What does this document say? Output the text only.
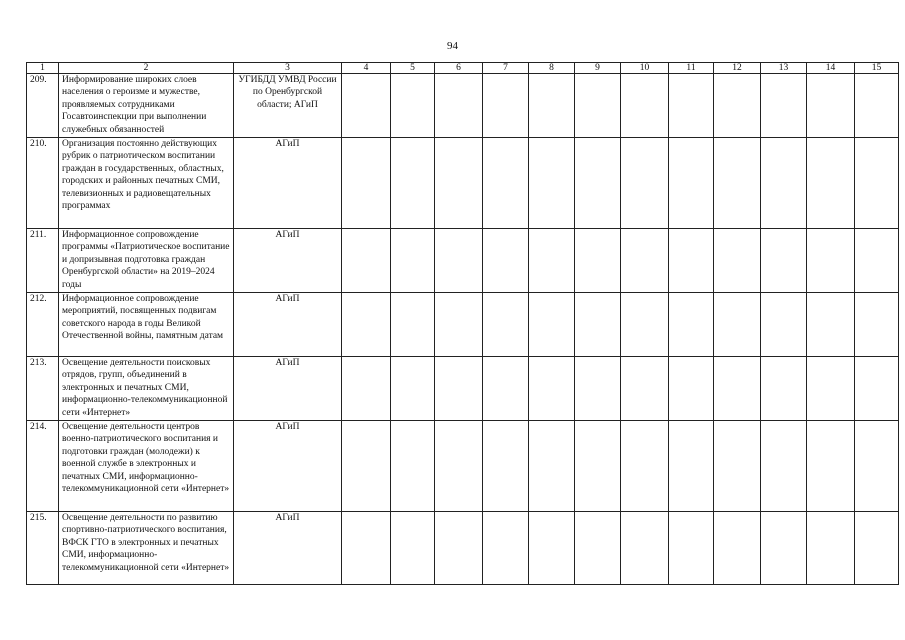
94
1	2	3	4	5	6	7	8	9	10	11	12	13	14	15
209.	Информирование широких слоев населения о героизме и мужестве, проявляемых сотрудниками Госавтоинспекции при выполнении служебных обязанностей	УГИБДД УМВД России по Оренбургской области; АГиП												
210.	Организация постоянно действующих рубрик о патриотическом воспитании граждан в государственных, областных, городских и районных печатных СМИ, телевизионных и радиовещательных программах	АГиП												
211.	Информационное сопровождение программы «Патриотическое воспитание и допризывная подготовка граждан Оренбургской области» на 2019–2024 годы	АГиП												
212.	Информационное сопровождение мероприятий, посвященных подвигам советского народа в годы Великой Отечественной войны, памятным датам	АГиП												
213.	Освещение деятельности поисковых отрядов, групп, объединений в электронных и печатных СМИ, информационно-телекоммуникационной сети «Интернет»	АГиП												
214.	Освещение деятельности центров военно-патриотического воспитания и подготовки граждан (молодежи) к военной службе в электронных и печатных СМИ, информационно-телекоммуникационной сети «Интернет»	АГиП												
215.	Освещение деятельности по развитию спортивно-патриотического воспитания, ВФСК ГТО в электронных и печатных СМИ, информационно-телекоммуникационной сети «Интернет»	АГиП												
